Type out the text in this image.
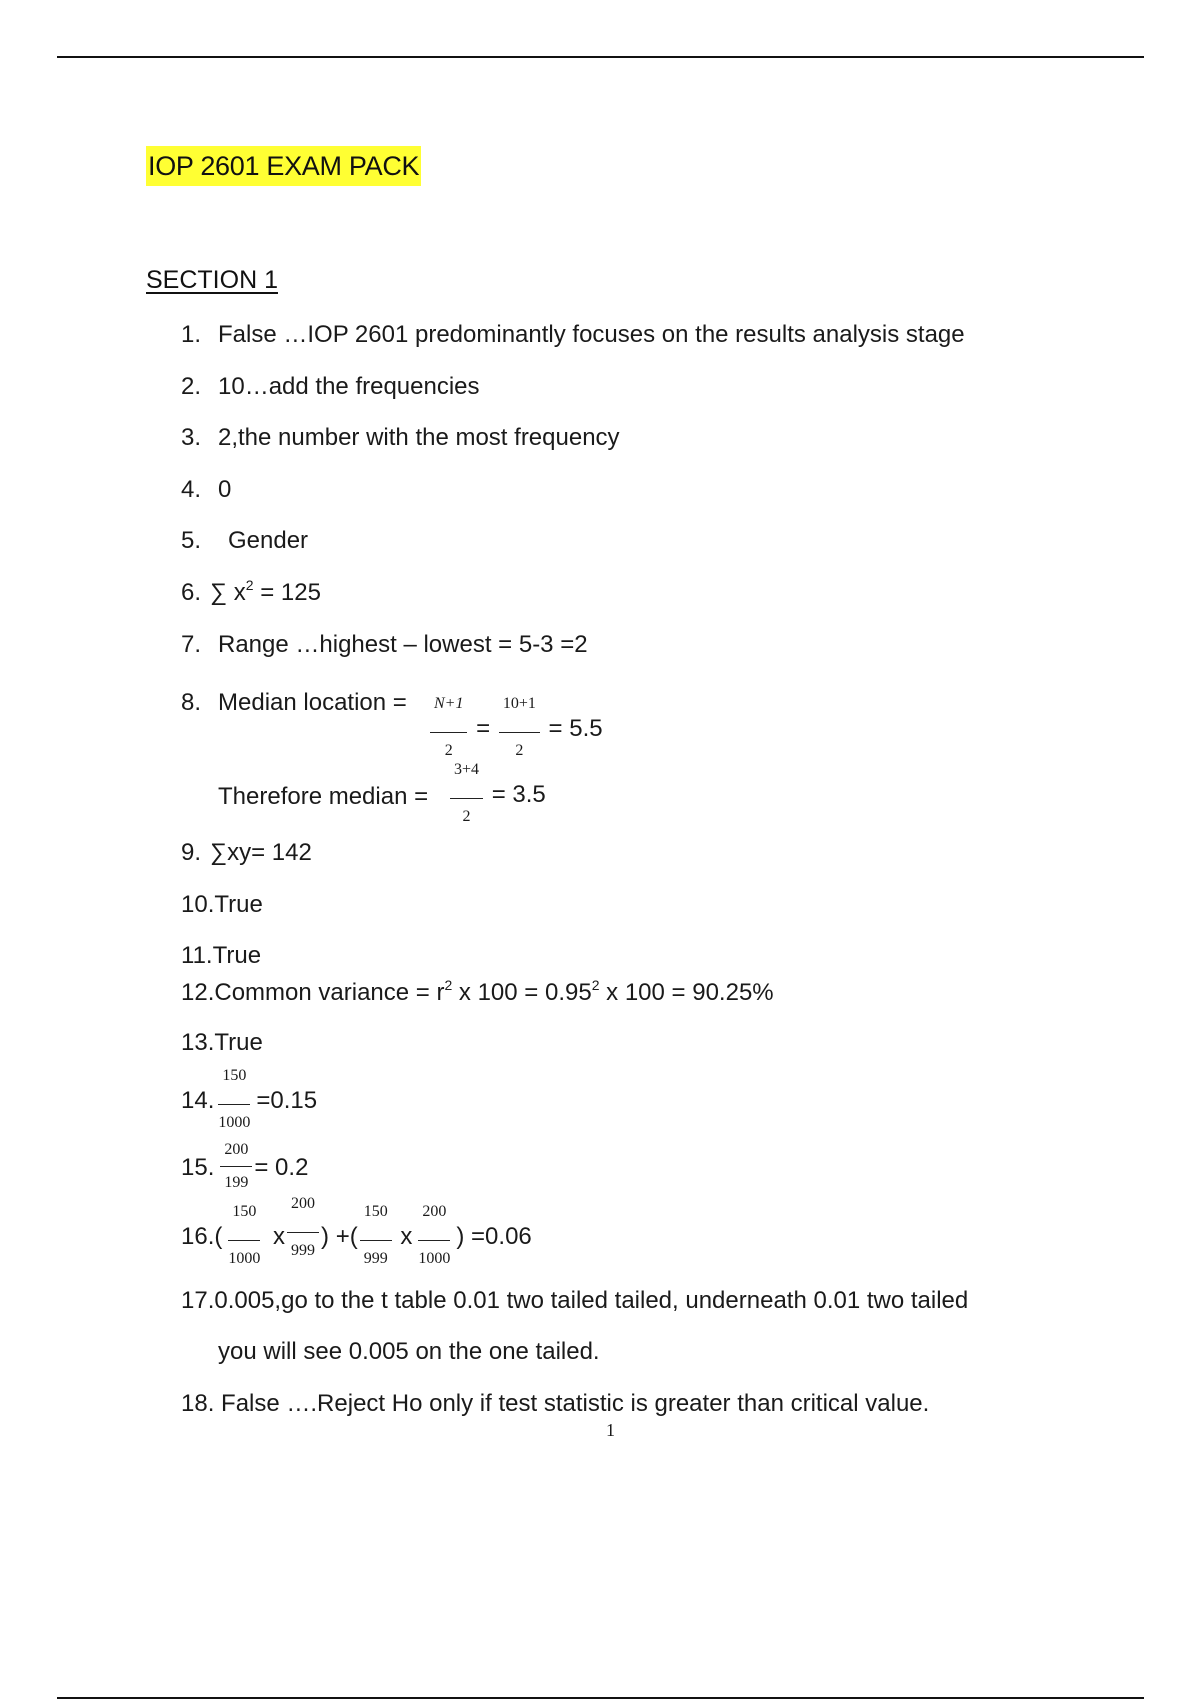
IOP 2601 EXAM PACK
SECTION 1
1. False …IOP 2601 predominantly focuses on the results analysis stage
2. 10…add the frequencies
3. 2,the number with the most frequency
4. 0
5. Gender
6. ∑ $x^2 = 125$
7. Range …highest – lowest = 5-3 =2
8. Median location = $\frac{N+1}{2} = \frac{10+1}{2} = 5.5$
Therefore median = $\frac{3+4}{2} = 3.5$
9. ∑xy= 142
10.True
11.True
12.Common variance = $r^2$ x $100 = 0.95^2$ x 100 = 90.25%
13.True
14. $\frac{150}{1000} =0.15$
15. $\frac{200}{199} = 0.2$
$16.( \frac{150}{1000}$ x $\frac{200}{999}$ ) +( $\frac{150}{999}$ x $\frac{200}{1000}$ ) =0.06
17.0.005,go to the t table 0.01 two tailed tailed, underneath 0.01 two tailed
you will see 0.005 on the one tailed.
18. False ….Reject Ho only if test statistic is greater than critical value.
1
